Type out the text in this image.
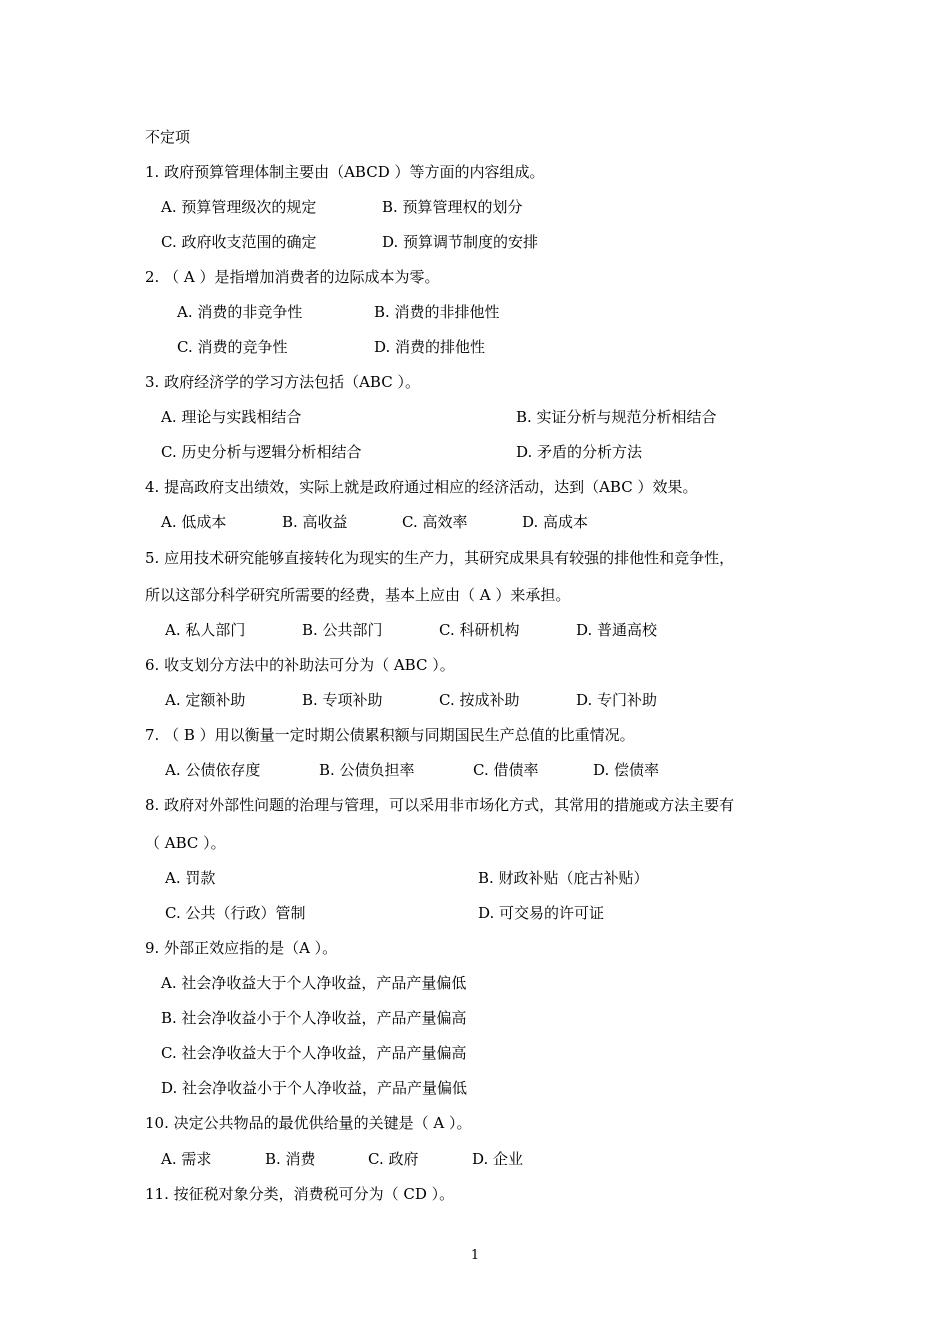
不定项

1. 政府预算管理体制主要由（ABCD ）等方面的内容组成。

A. 预算管理级次的规定	B. 预算管理权的划分
C. 政府收支范围的确定	D. 预算调节制度的安排

2. （ A ）是指增加消费者的边际成本为零。

A. 消费的非竞争性	B. 消费的非排他性
C. 消费的竞争性	D. 消费的排他性

3. 政府经济学的学习方法包括（ABC ）。

A. 理论与实践相结合	B. 实证分析与规范分析相结合
C. 历史分析与逻辑分析相结合	D. 矛盾的分析方法

4. 提高政府支出绩效，实际上就是政府通过相应的经济活动，达到（ABC ）效果。

A. 低成本	B. 高收益	C. 高效率	D. 高成本

5. 应用技术研究能够直接转化为现实的生产力，其研究成果具有较强的排他性和竞争性，

所以这部分科学研究所需要的经费，基本上应由（ A ）来承担。

A. 私人部门	B. 公共部门	C. 科研机构	D. 普通高校

6. 收支划分方法中的补助法可分为（ ABC ）。

A. 定额补助	B. 专项补助	C. 按成补助	D. 专门补助

7. （ B ）用以衡量一定时期公债累积额与同期国民生产总值的比重情况。

A. 公债依存度	B. 公债负担率	C. 借债率	D. 偿债率

8. 政府对外部性问题的治理与管理，可以采用非市场化方式，其常用的措施或方法主要有

（ ABC ）。

A. 罚款	B. 财政补贴（庇古补贴）
C. 公共（行政）管制	D. 可交易的许可证

9. 外部正效应指的是（A ）。

A. 社会净收益大于个人净收益，产品产量偏低

B. 社会净收益小于个人净收益，产品产量偏高

C. 社会净收益大于个人净收益，产品产量偏高

D. 社会净收益小于个人净收益，产品产量偏低

10. 决定公共物品的最优供给量的关键是（ A ）。

A. 需求	B. 消费	C. 政府	D. 企业

11. 按征税对象分类，消费税可分为（ CD ）。

1
